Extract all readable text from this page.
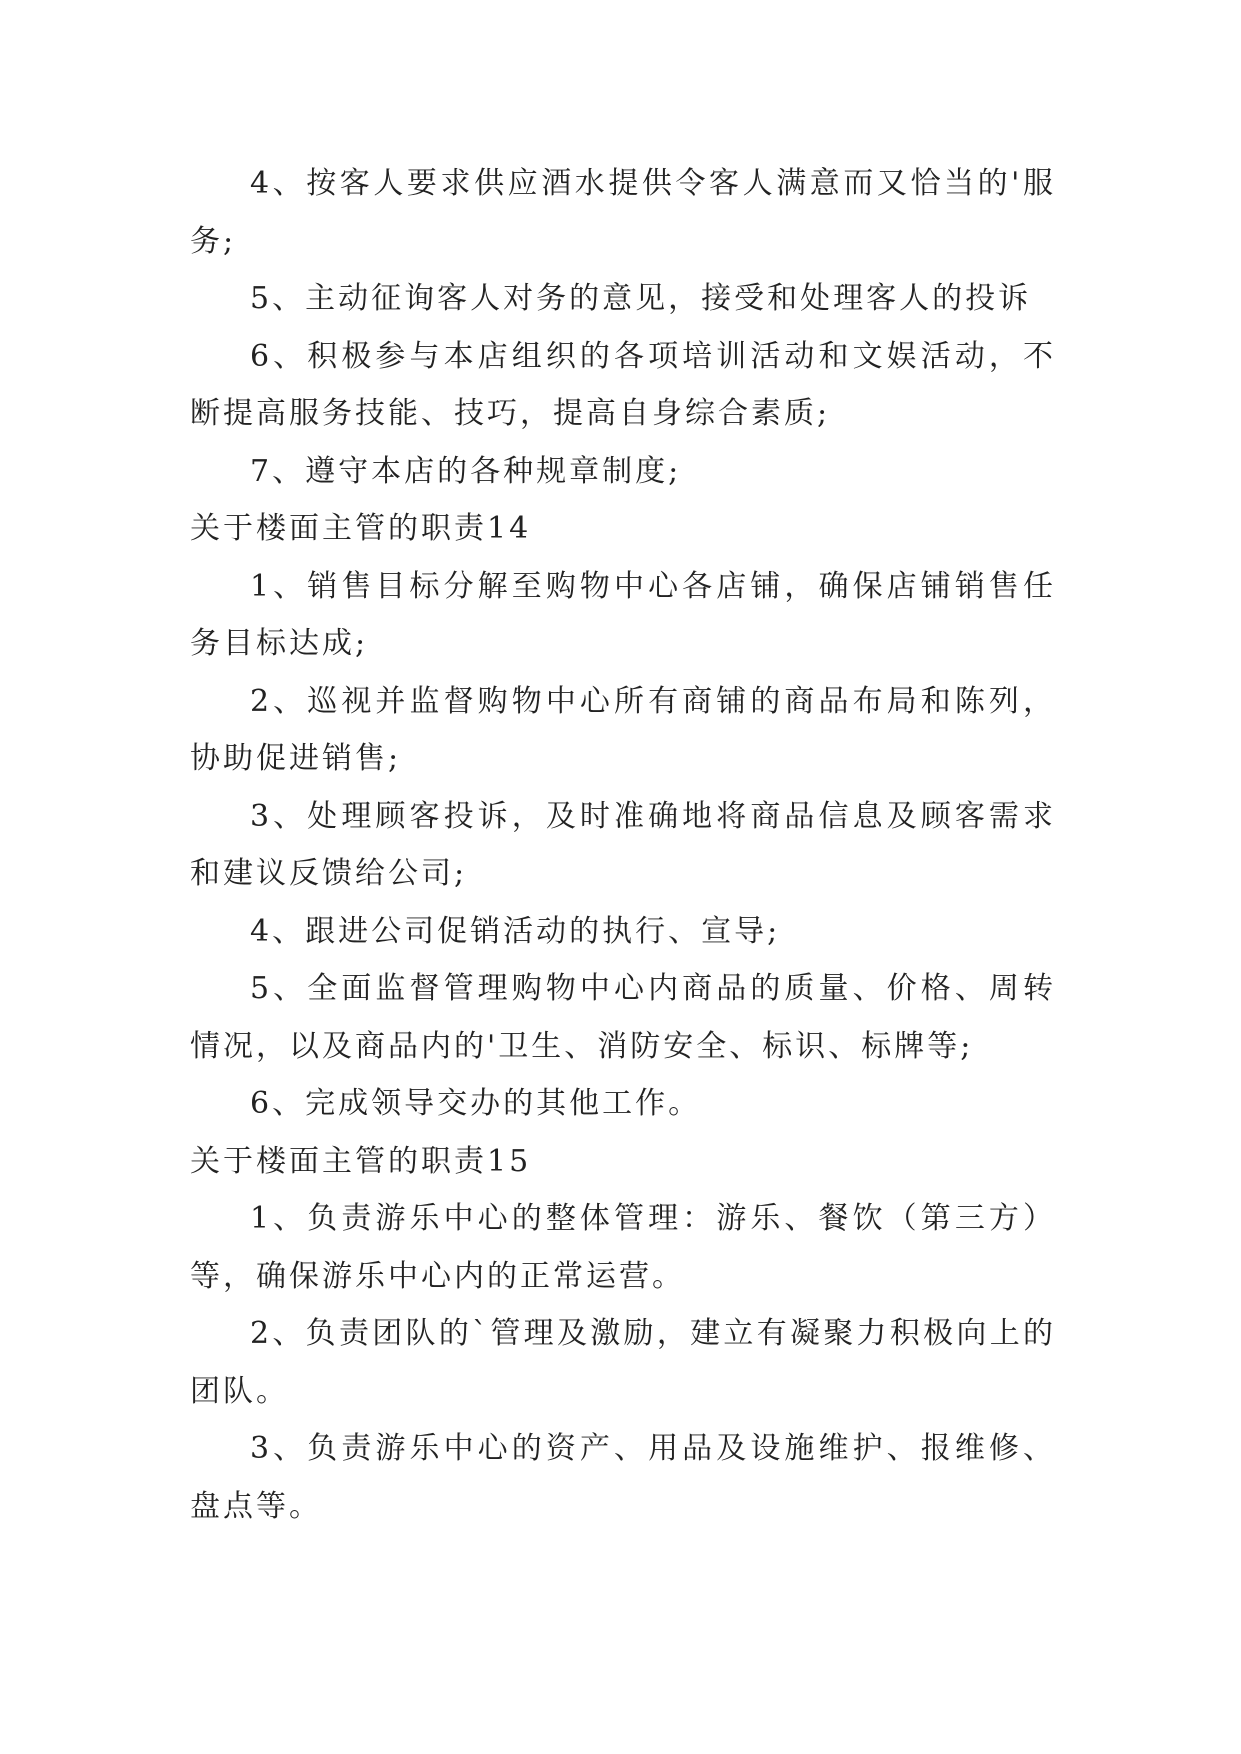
4、按客人要求供应酒水提供令客人满意而又恰当的'服务;

5、主动征询客人对务的意见，接受和处理客人的投诉

6、积极参与本店组织的各项培训活动和文娱活动，不断提高服务技能、技巧，提高自身综合素质;

7、遵守本店的各种规章制度;

关于楼面主管的职责14

1、销售目标分解至购物中心各店铺，确保店铺销售任务目标达成;

2、巡视并监督购物中心所有商铺的商品布局和陈列，协助促进销售;

3、处理顾客投诉，及时准确地将商品信息及顾客需求和建议反馈给公司;

4、跟进公司促销活动的执行、宣导;

5、全面监督管理购物中心内商品的质量、价格、周转情况，以及商品内的'卫生、消防安全、标识、标牌等;

6、完成领导交办的其他工作。

关于楼面主管的职责15

1、负责游乐中心的整体管理：游乐、餐饮（第三方）等，确保游乐中心内的正常运营。

2、负责团队的`管理及激励，建立有凝聚力积极向上的团队。

3、负责游乐中心的资产、用品及设施维护、报维修、盘点等。
